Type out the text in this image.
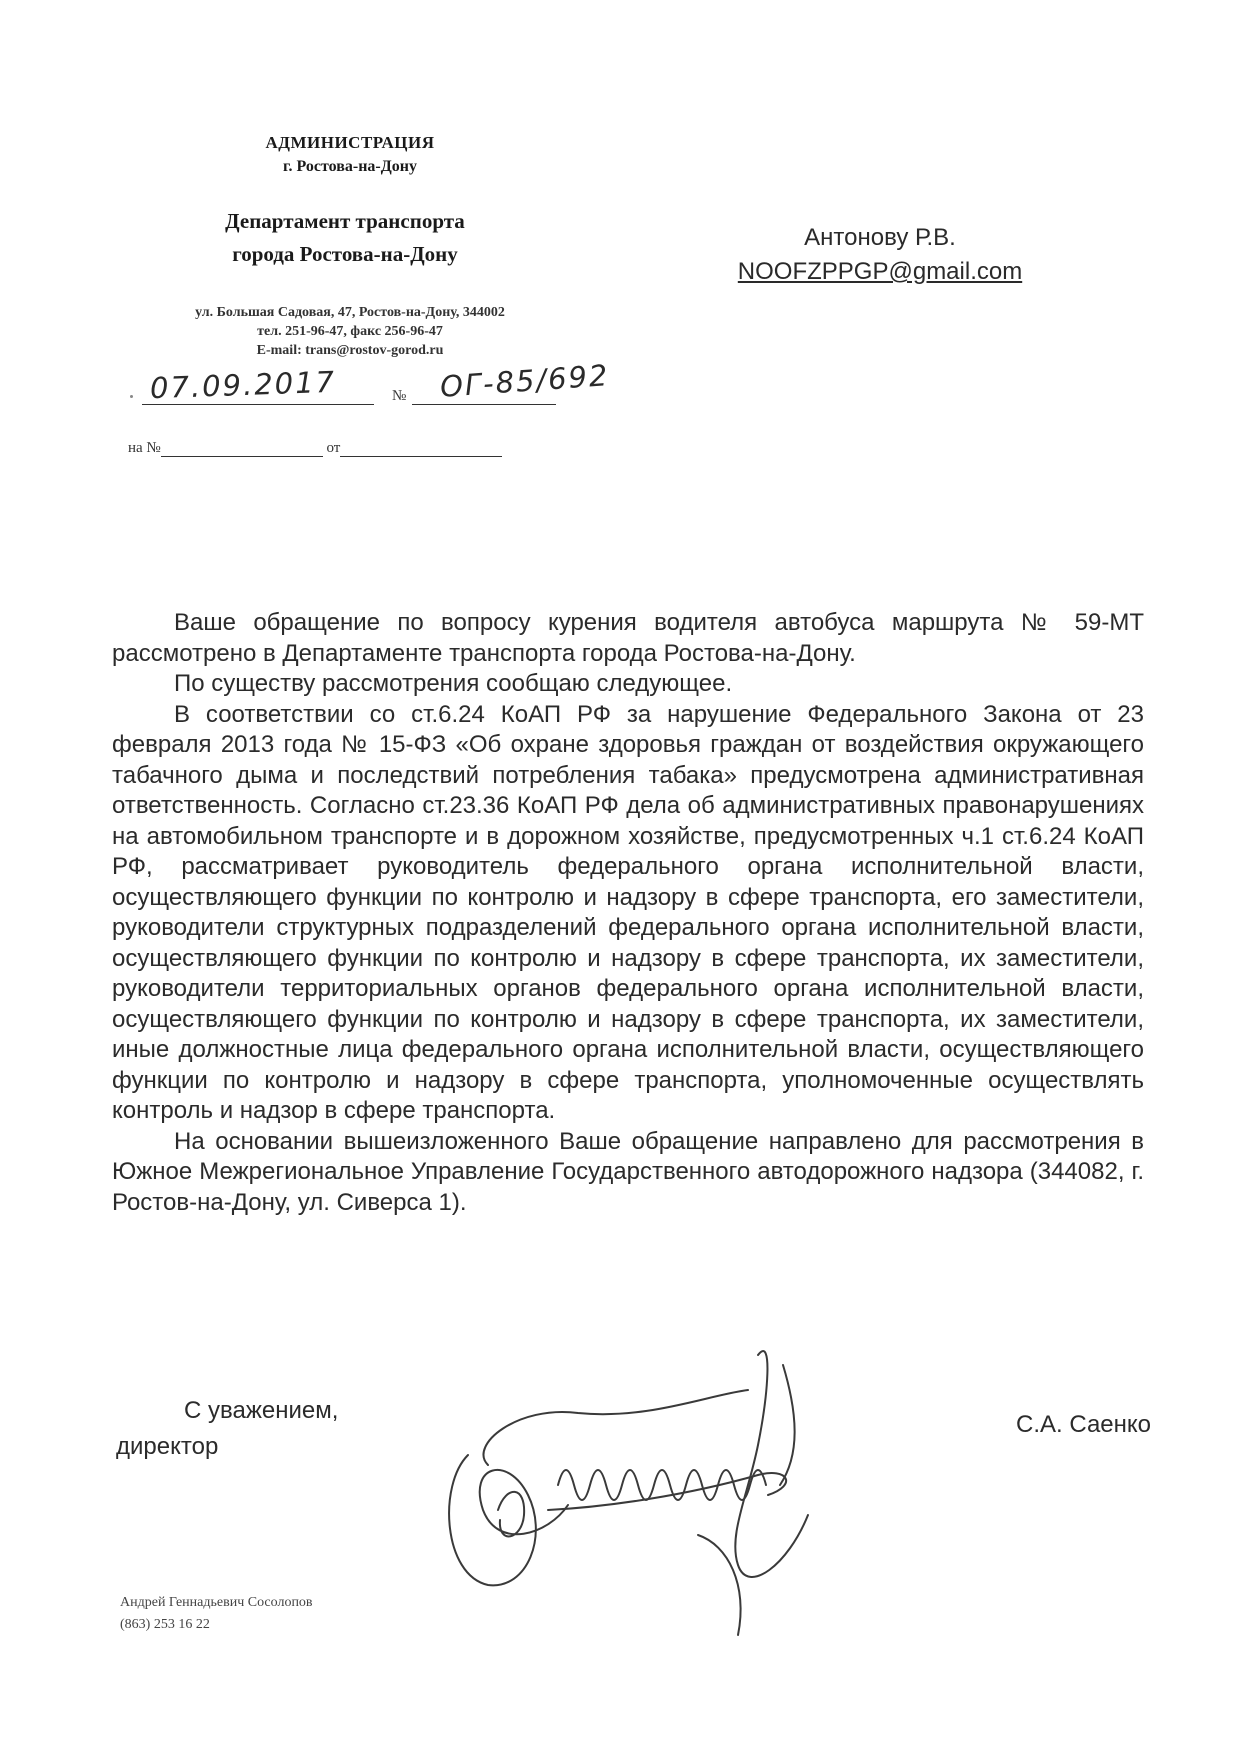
АДМИНИСТРАЦИЯ
г. Ростова-на-Дону
Департамент транспорта
города Ростова-на-Дону
ул. Большая Садовая, 47, Ростов-на-Дону, 344002
тел. 251-96-47, факс 256-96-47
E-mail: trans@rostov-gorod.ru
07.09.2017	№ ОГ-85/692
на №	от
Антонову Р.В.
NOOFZPPGP@gmail.com

Ваше обращение по вопросу курения водителя автобуса маршрута № 59-МТ рассмотрено в Департаменте транспорта города Ростова-на-Дону.

По существу рассмотрения сообщаю следующее.

В соответствии со ст.6.24 КоАП РФ за нарушение Федерального Закона от 23 февраля 2013 года № 15-ФЗ «Об охране здоровья граждан от воздействия окружающего табачного дыма и последствий потребления табака» предусмотрена административная ответственность. Согласно ст.23.36 КоАП РФ дела об административных правонарушениях на автомобильном транспорте и в дорожном хозяйстве, предусмотренных ч.1 ст.6.24 КоАП РФ, рассматривает руководитель федерального органа исполнительной власти, осуществляющего функции по контролю и надзору в сфере транспорта, его заместители, руководители структурных подразделений федерального органа исполнительной власти, осуществляющего функции по контролю и надзору в сфере транспорта, их заместители, руководители территориальных органов федерального органа исполнительной власти, осуществляющего функции по контролю и надзору в сфере транспорта, их заместители, иные должностные лица федерального органа исполнительной власти, осуществляющего функции по контролю и надзору в сфере транспорта, уполномоченные осуществлять контроль и надзор в сфере транспорта.

На основании вышеизложенного Ваше обращение направлено для рассмотрения в Южное Межрегиональное Управление Государственного автодорожного надзора (344082, г. Ростов-на-Дону, ул. Сиверса 1).

С уважением,
директор
С.А. Саенко
Андрей Геннадьевич Сосолопов
(863) 253 16 22
